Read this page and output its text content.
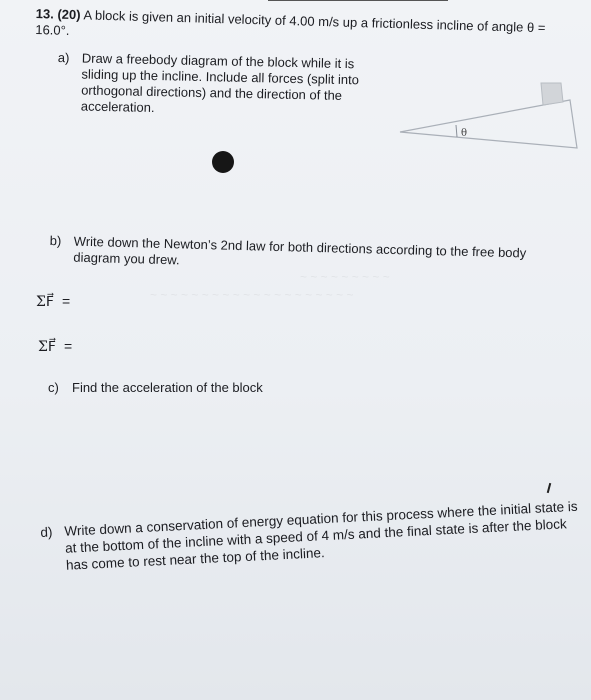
~ ~ ~ ~ ~ ~ ~ ~ ~
~ ~ ~ ~ ~ ~ ~ ~ ~ ~ ~ ~ ~ ~ ~ ~ ~ ~ ~ ~
13. (20) A block is given an initial velocity of 4.00 m/s up a frictionless incline of angle θ =
16.0°.
a) Draw a freebody diagram of the block while it is sliding up the incline. Include all forces (split into orthogonal directions) and the direction of the acceleration.
θ
b) Write down the Newton’s 2nd law for both directions according to the free body diagram you drew.
ΣF⃗ =
ΣF⃗ =
c) Find the acceleration of the block
d) Write down a conservation of energy equation for this process where the initial state is at the bottom of the incline with a speed of 4 m/s and the final state is after the block has come to rest near the top of the incline.
